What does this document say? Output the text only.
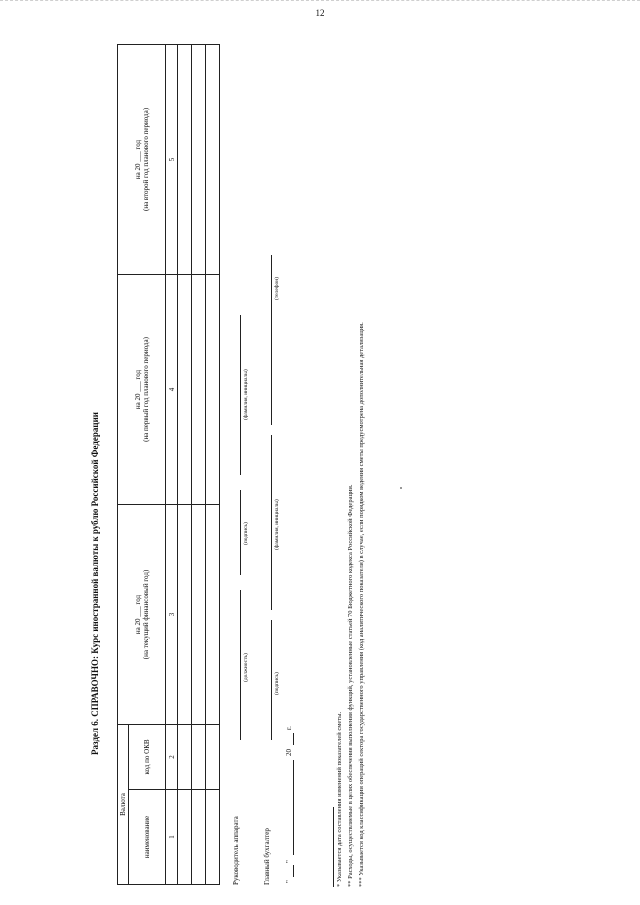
12
Раздел 6. СПРАВОЧНО: Курс иностранной валюты к рублю Российской Федерации
Валюта		на 20 ___ год (на текущий финансовый год)	на 20 ___ год (на первый год планового периода)	на 20 ___ год (на второй год планового периода)

наименование	код по ОКВ			
1	2	3	4	5

Руководитель аппарата
(должность)
(подпись)
(фамилия, инициалы)
Главный бухгалтер
(подпись)
(фамилия, инициалы)
(телефон)
"
"
20
г.	* Указывается дата составления изменений показателей сметы. ** Расходы, осуществляемые в целях обеспечения выполнения функций, установленные статьей 70 Бюджетного кодекса Российской Федерации. *** Указывается код классификации операций сектора государственного управления (код аналитического показателя) в случае, если порядком ведения сметы предусмотрена дополнительная детализация.
